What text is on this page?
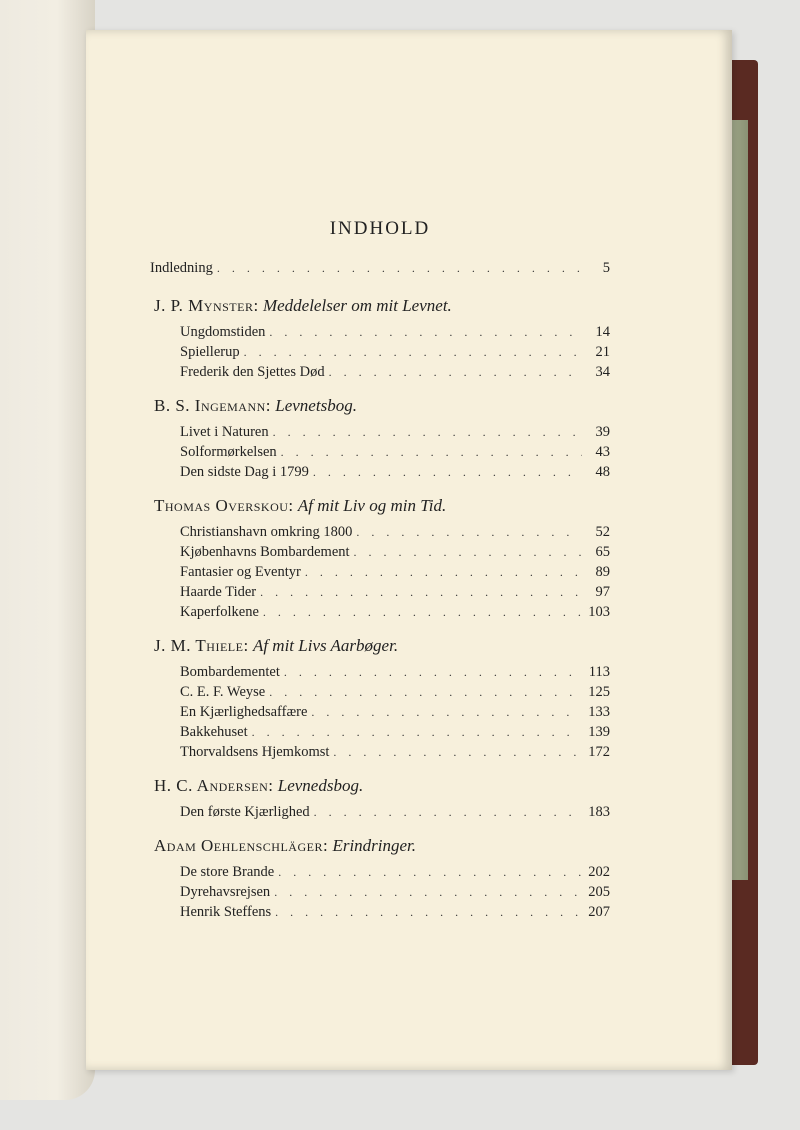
INDHOLD
Indledning . . .	5
J. P. Mynster: Meddelelser om mit Levnet.
Ungdomstiden . . .	14
Spiellerup . . .	21
Frederik den Sjettes Død . . .	34
B. S. Ingemann: Levnetsbog.
Livet i Naturen . . .	39
Solformørkelsen . . .	43
Den sidste Dag i 1799 . . .	48
Thomas Overskou: Af mit Liv og min Tid.
Christianshavn omkring 1800 . . .	52
Kjøbenhavns Bombardement . . .	65
Fantasier og Eventyr . . .	89
Haarde Tider . . .	97
Kaperfolkene . . .	103
J. M. Thiele: Af mit Livs Aarbøger.
Bombardementet . . .	113
C. E. F. Weyse . . .	125
En Kjærlighedsaffære . . .	133
Bakkehuset . . .	139
Thorvaldsens Hjemkomst . . .	172
H. C. Andersen: Levnedsbog.
Den første Kjærlighed . . .	183
Adam Oehlenschläger: Erindringer.
De store Brande . . .	202
Dyrehavsrejsen . . .	205
Henrik Steffens . . .	207
